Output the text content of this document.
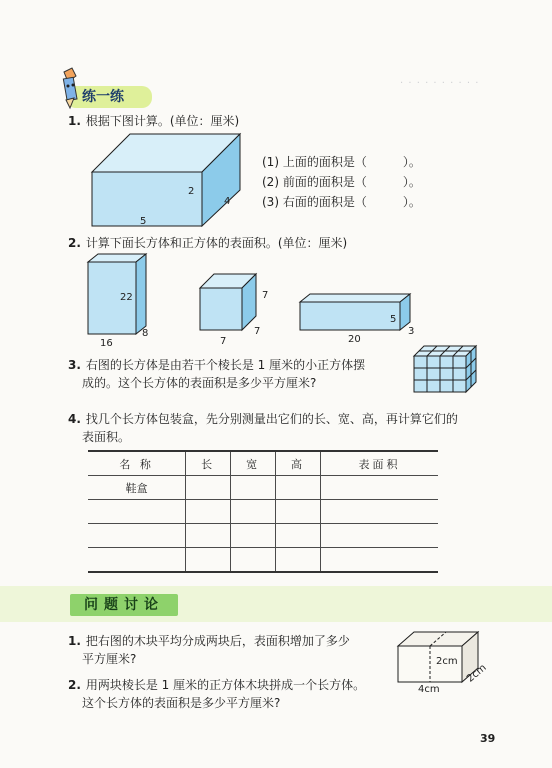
· · · · · · · · · ·
练一练
1. 根据下图计算。(单位：厘米)
2
4
5
(1) 上面的面积是（　　　）。
(2) 前面的面积是（　　　）。
(3) 右面的面积是（　　　）。
2. 计算下面长方体和正方体的表面积。(单位：厘米)
22
16
8
7
7
7
5
20
3
3. 右图的长方体是由若干个棱长是 1 厘米的小正方体摆
成的。这个长方体的表面积是多少平方厘米?
4. 找几个长方体包装盒，先分别测量出它们的长、宽、高，再计算它们的
表面积。
名 称	长	宽	高	表面积
鞋盒				

问题讨论
1. 把右图的木块平均分成两块后，表面积增加了多少
平方厘米?	2cm
4cm
2cm
2. 用两块棱长是 1 厘米的正方体木块拼成一个长方体。
这个长方体的表面积是多少平方厘米?
39
